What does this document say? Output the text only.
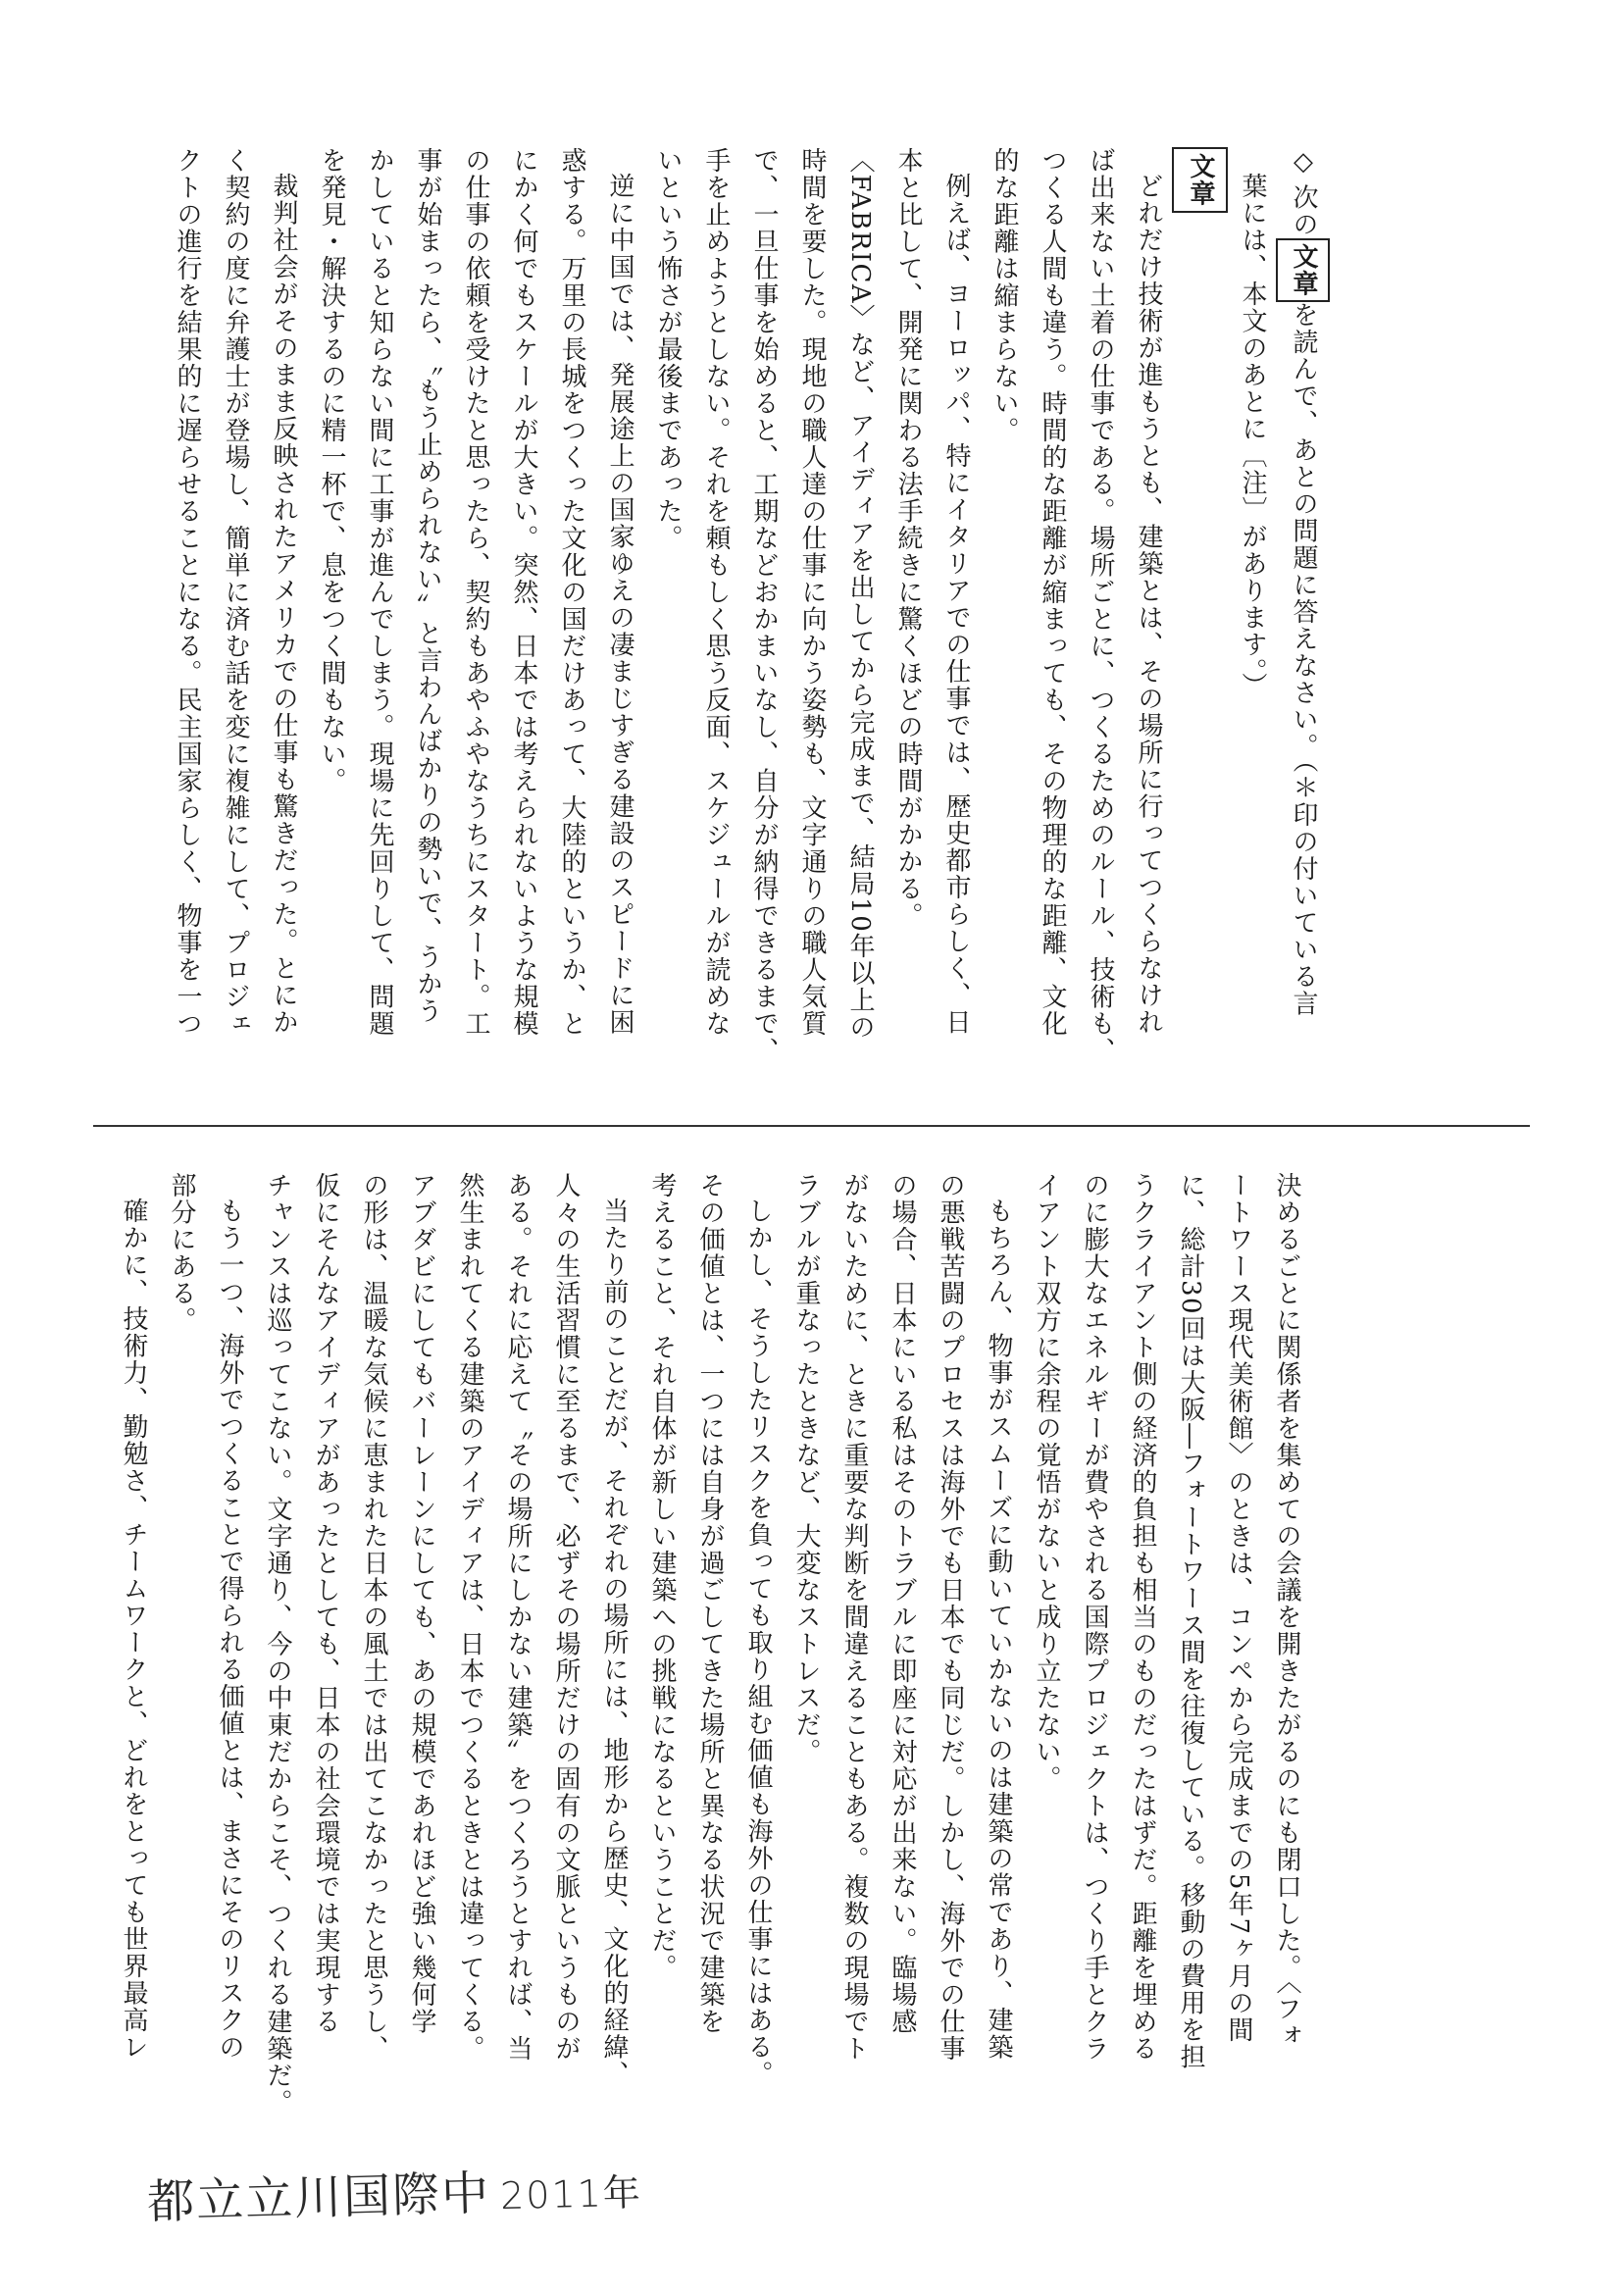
◇次の文章を読んで、あとの問題に答えなさい。（＊印の付いている言
葉には、本文のあとに〔注〕があります。）
文章
どれだけ技術が進もうとも、建築とは、その場所に行ってつくらなけれ
ば出来ない土着の仕事である。場所ごとに、つくるためのルール、技術も、
つくる人間も違う。時間的な距離が縮まっても、その物理的な距離、文化
的な距離は縮まらない。
例えば、ヨーロッパ、特にイタリアでの仕事では、歴史都市らしく、日
本と比して、開発に関わる法手続きに驚くほどの時間がかかる。
〈FABRICA〉など、アイディアを出してから完成まで、結局10年以上の
時間を要した。現地の職人達の仕事に向かう姿勢も、文字通りの職人気質
で、一旦仕事を始めると、工期などおかまいなし、自分が納得できるまで、
手を止めようとしない。それを頼もしく思う反面、スケジュールが読めな
いという怖さが最後まであった。
逆に中国では、発展途上の国家ゆえの凄まじすぎる建設のスピードに困
惑する。万里の長城をつくった文化の国だけあって、大陸的というか、と
にかく何でもスケールが大きい。突然、日本では考えられないような規模
の仕事の依頼を受けたと思ったら、契約もあやふやなうちにスタート。工
事が始まったら、〝もう止められない〟と言わんばかりの勢いで、うかう
かしていると知らない間に工事が進んでしまう。現場に先回りして、問題
を発見・解決するのに精一杯で、息をつく間もない。
裁判社会がそのまま反映されたアメリカでの仕事も驚きだった。とにか
く契約の度に弁護士が登場し、簡単に済む話を変に複雑にして、プロジェ
クトの進行を結果的に遅らせることになる。民主国家らしく、物事を一つ
決めるごとに関係者を集めての会議を開きたがるのにも閉口した。〈フォ
ートワース現代美術館〉のときは、コンペから完成までの5年7ヶ月の間
に、総計30回は大阪―フォートワース間を往復している。移動の費用を担
うクライアント側の経済的負担も相当のものだったはずだ。距離を埋める
のに膨大なエネルギーが費やされる国際プロジェクトは、つくり手とクラ
イアント双方に余程の覚悟がないと成り立たない。
もちろん、物事がスムーズに動いていかないのは建築の常であり、建築
の悪戦苦闘のプロセスは海外でも日本でも同じだ。しかし、海外での仕事
の場合、日本にいる私はそのトラブルに即座に対応が出来ない。臨場感
がないために、ときに重要な判断を間違えることもある。複数の現場でト
ラブルが重なったときなど、大変なストレスだ。
しかし、そうしたリスクを負っても取り組む価値も海外の仕事にはある。
その価値とは、一つには自身が過ごしてきた場所と異なる状況で建築を
考えること、それ自体が新しい建築への挑戦になるということだ。
当たり前のことだが、それぞれの場所には、地形から歴史、文化的経緯、
人々の生活習慣に至るまで、必ずその場所だけの固有の文脈というものが
ある。それに応えて〝その場所にしかない建築〟をつくろうとすれば、当
然生まれてくる建築のアイディアは、日本でつくるときとは違ってくる。
アブダビにしてもバーレーンにしても、あの規模であれほど強い幾何学
の形は、温暖な気候に恵まれた日本の風土では出てこなかったと思うし、
仮にそんなアイディアがあったとしても、日本の社会環境では実現する
チャンスは巡ってこない。文字通り、今の中東だからこそ、つくれる建築だ。
もう一つ、海外でつくることで得られる価値とは、まさにそのリスクの
部分にある。
確かに、技術力、勤勉さ、チームワークと、どれをとっても世界最高レ
都立立川国際中 2011年
